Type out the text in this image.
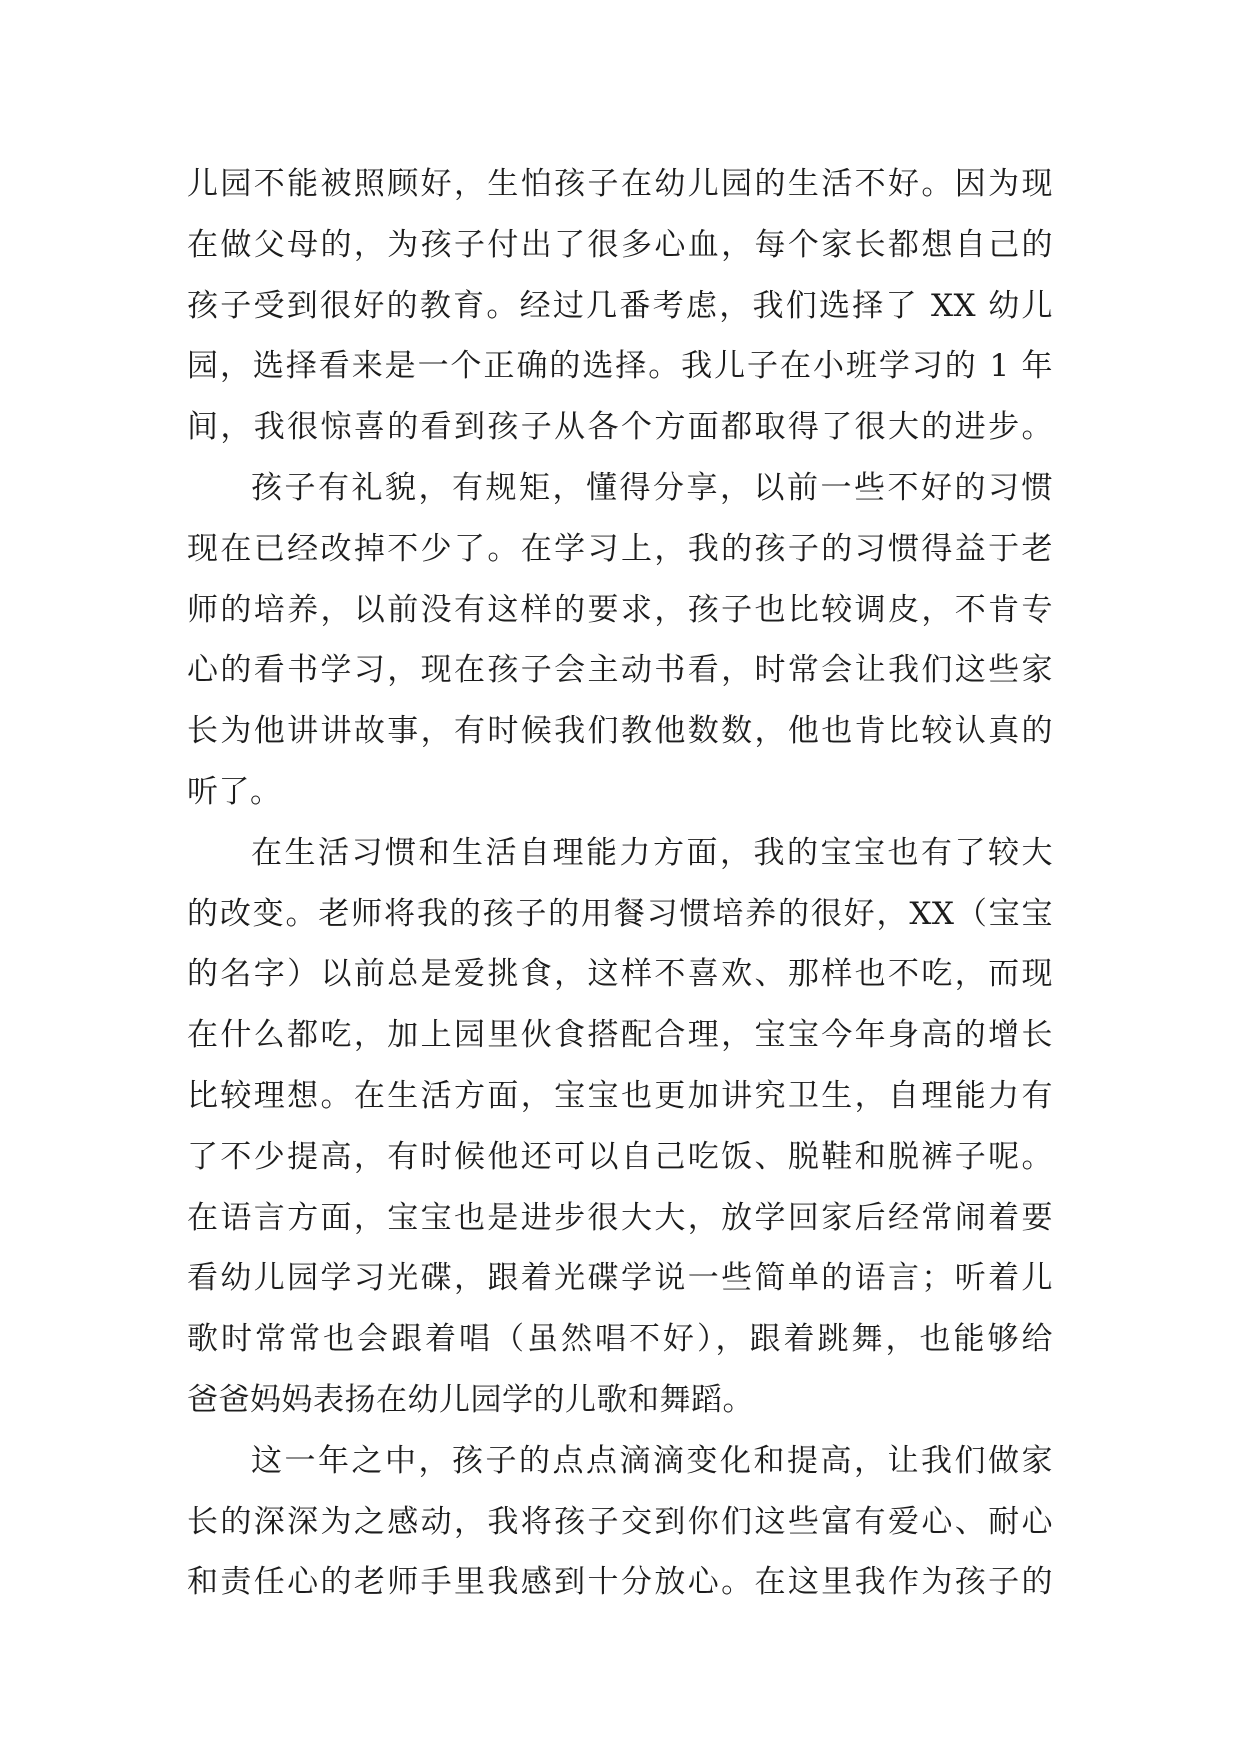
儿园不能被照顾好，生怕孩子在幼儿园的生活不好。因为现
在做父母的，为孩子付出了很多心血，每个家长都想自己的
孩子受到很好的教育。经过几番考虑，我们选择了 XX 幼儿
园，选择看来是一个正确的选择。我儿子在小班学习的 1 年
间，我很惊喜的看到孩子从各个方面都取得了很大的进步。
孩子有礼貌，有规矩，懂得分享，以前一些不好的习惯
现在已经改掉不少了。在学习上，我的孩子的习惯得益于老
师的培养，以前没有这样的要求，孩子也比较调皮，不肯专
心的看书学习，现在孩子会主动书看，时常会让我们这些家
长为他讲讲故事，有时候我们教他数数，他也肯比较认真的
听了。
在生活习惯和生活自理能力方面，我的宝宝也有了较大
的改变。老师将我的孩子的用餐习惯培养的很好，XX（宝宝
的名字）以前总是爱挑食，这样不喜欢、那样也不吃，而现
在什么都吃，加上园里伙食搭配合理，宝宝今年身高的增长
比较理想。在生活方面，宝宝也更加讲究卫生，自理能力有
了不少提高，有时候他还可以自己吃饭、脱鞋和脱裤子呢。
在语言方面，宝宝也是进步很大大，放学回家后经常闹着要
看幼儿园学习光碟，跟着光碟学说一些简单的语言；听着儿
歌时常常也会跟着唱（虽然唱不好），跟着跳舞，也能够给
爸爸妈妈表扬在幼儿园学的儿歌和舞蹈。
这一年之中，孩子的点点滴滴变化和提高，让我们做家
长的深深为之感动，我将孩子交到你们这些富有爱心、耐心
和责任心的老师手里我感到十分放心。在这里我作为孩子的
